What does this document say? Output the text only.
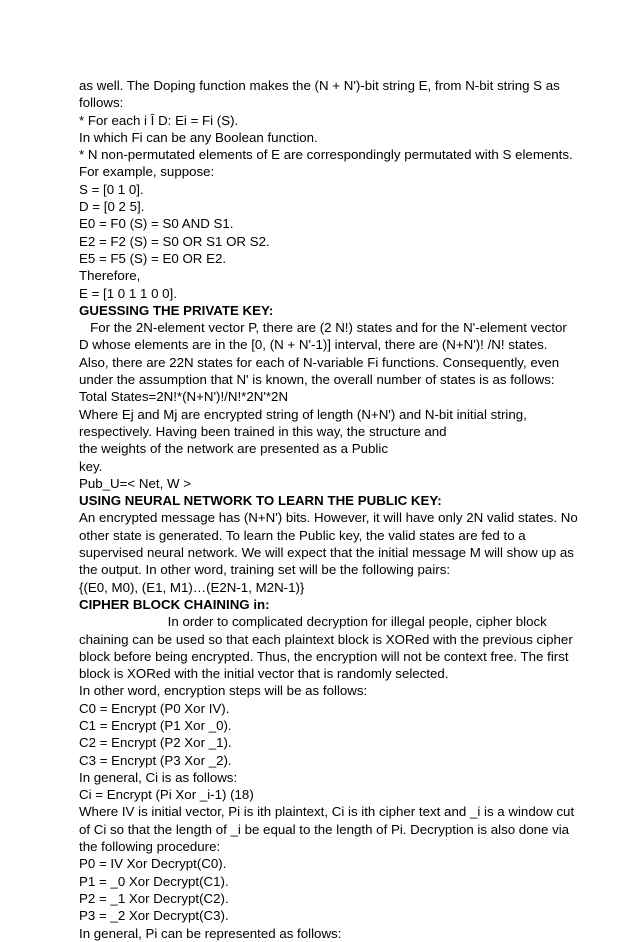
as well. The Doping function makes the (N + N')-bit string E, from N-bit string S as
follows:
* For each i Î D: Ei = Fi (S).
In which Fi can be any Boolean function.
* N non-permutated elements of E are correspondingly permutated with S elements.
For example, suppose:
S = [0 1 0].
D = [0 2 5].
E0 = F0 (S) = S0 AND S1.
E2 = F2 (S) = S0 OR S1 OR S2.
E5 = F5 (S) = E0 OR E2.
Therefore,
E = [1 0 1 1 0 0].
GUESSING THE PRIVATE KEY:
For the 2N-element vector P, there are (2 N!) states and for the N'-element vector
D whose elements are in the [0, (N + N'-1)] interval, there are (N+N')! /N! states.
Also, there are 22N states for each of N-variable Fi functions. Consequently, even
under the assumption that N' is known, the overall number of states is as follows:
Total States=2N!*(N+N')!/N!*2N'*2N
Where Ej and Mj are encrypted string of length (N+N') and N-bit initial string,
respectively. Having been trained in this way, the structure and
the weights of the network are presented as a Public
key.
Pub_U=< Net, W >
USING NEURAL NETWORK TO LEARN THE PUBLIC KEY:
An encrypted message has (N+N') bits. However, it will have only 2N valid states. No
other state is generated. To learn the Public key, the valid states are fed to a
supervised neural network. We will expect that the initial message M will show up as
the output. In other word, training set will be the following pairs:
{(E0, M0), (E1, M1)…(E2N-1, M2N-1)}
CIPHER BLOCK CHAINING in:
In order to complicated decryption for illegal people, cipher block
chaining can be used so that each plaintext block is XORed with the previous cipher
block before being encrypted. Thus, the encryption will not be context free. The first
block is XORed with the initial vector that is randomly selected.
In other word, encryption steps will be as follows:
C0 = Encrypt (P0 Xor IV).
C1 = Encrypt (P1 Xor _0).
C2 = Encrypt (P2 Xor _1).
C3 = Encrypt (P3 Xor _2).
In general, Ci is as follows:
Ci = Encrypt (Pi Xor _i-1) (18)
Where IV is initial vector, Pi is ith plaintext, Ci is ith cipher text and _i is a window cut
of Ci so that the length of _i be equal to the length of Pi. Decryption is also done via
the following procedure:
P0 = IV Xor Decrypt(C0).
P1 = _0 Xor Decrypt(C1).
P2 = _1 Xor Decrypt(C2).
P3 = _2 Xor Decrypt(C3).
In general, Pi can be represented as follows:
